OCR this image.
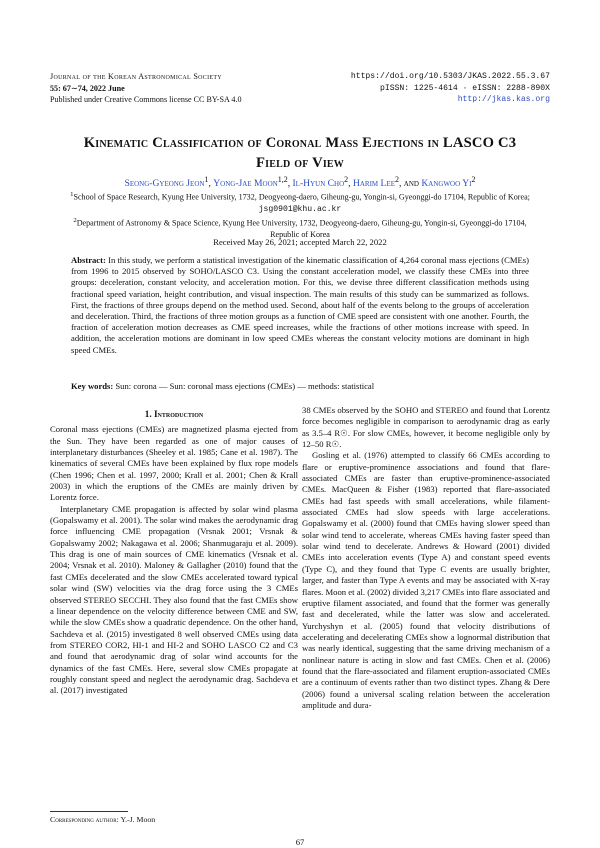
Journal of the Korean Astronomical Society
55: 67∼74, 2022 June
Published under Creative Commons license CC BY-SA 4.0
https://doi.org/10.5303/JKAS.2022.55.3.67
pISSN: 1225-4614 · eISSN: 2288-890X
http://jkas.kas.org
Kinematic Classification of Coronal Mass Ejections in LASCO C3
Field of View
Seong-Gyeong Jeon$^1$, Yong-Jae Moon$^{1,2}$, Il-Hyun Cho$^2$, Harim Lee$^2$, and Kangwoo Yi$^2$
$^1$School of Space Research, Kyung Hee University, 1732, Deogyeong-daero, Giheung-gu, Yongin-si, Gyeonggi-do 17104, Republic of Korea; jsg0901@khu.ac.kr
$^2$Department of Astronomy & Space Science, Kyung Hee University, 1732, Deogyeong-daero, Giheung-gu, Yongin-si, Gyeonggi-do 17104, Republic of Korea
Received May 26, 2021; accepted March 22, 2022
Abstract: In this study, we perform a statistical investigation of the kinematic classification of 4,264 coronal mass ejections (CMEs) from 1996 to 2015 observed by SOHO/LASCO C3. Using the constant acceleration model, we classify these CMEs into three groups: deceleration, constant velocity, and acceleration motion. For this, we devise three different classification methods using fractional speed variation, height contribution, and visual inspection. The main results of this study can be summarized as follows. First, the fractions of three groups depend on the method used. Second, about half of the events belong to the groups of acceleration and deceleration. Third, the fractions of three motion groups as a function of CME speed are consistent with one another. Fourth, the fraction of acceleration motion decreases as CME speed increases, while the fractions of other motions increase with speed. In addition, the acceleration motions are dominant in low speed CMEs whereas the constant velocity motions are dominant in high speed CMEs.
Key words: Sun: corona — Sun: coronal mass ejections (CMEs) — methods: statistical
1. Introduction

Coronal mass ejections (CMEs) are magnetized plasma ejected from the Sun. They have been regarded as one of major causes of interplanetary disturbances (Sheeley et al. 1985; Cane et al. 1987). The kinematics of several CMEs have been explained by flux rope models (Chen 1996; Chen et al. 1997, 2000; Krall et al. 2001; Chen & Krall 2003) in which the eruptions of the CMEs are mainly driven by Lorentz force.

Interplanetary CME propagation is affected by solar wind plasma (Gopalswamy et al. 2001). The solar wind makes the aerodynamic drag force influencing CME propagation (Vrsnak 2001; Vrsnak & Gopalswamy 2002; Nakagawa et al. 2006; Shanmugaraju et al. 2009). This drag is one of main sources of CME kinematics (Vrsnak et al. 2004; Vrsnak et al. 2010). Maloney & Gallagher (2010) found that the fast CMEs decelerated and the slow CMEs accelerated toward typical solar wind (SW) velocities via the drag force using the 3 CMEs observed STEREO SECCHI. They also found that the fast CMEs show a linear dependence on the velocity difference between CME and SW, while the slow CMEs show a quadratic dependence. On the other hand, Sachdeva et al. (2015) investigated 8 well observed CMEs using data from STEREO COR2, HI-1 and HI-2 and SOHO LASCO C2 and C3 and found that aerodynamic drag of solar wind accounts for the dynamics of the fast CMEs. Here, several slow CMEs propagate at roughly constant speed and neglect the aerodynamic drag. Sachdeva et al. (2017) investigated

38 CMEs observed by the SOHO and STEREO and found that Lorentz force becomes negligible in comparison to aerodynamic drag as early as 3.5–4 R☉. For slow CMEs, however, it become negligible only by 12–50 R☉.

Gosling et al. (1976) attempted to classify 66 CMEs according to flare or eruptive-prominence associations and found that flare-associated CMEs are faster than eruptive-prominence-associated CMEs. MacQueen & Fisher (1983) reported that flare-associated CMEs had fast speeds with small accelerations, while filament-associated CMEs had slow speeds with large accelerations. Gopalswamy et al. (2000) found that CMEs having slower speed than solar wind tend to accelerate, whereas CMEs having faster speed than solar wind tend to decelerate. Andrews & Howard (2001) divided CMEs into acceleration events (Type A) and constant speed events (Type C), and they found that Type C events are usually brighter, larger, and faster than Type A events and may be associated with X-ray flares. Moon et al. (2002) divided 3,217 CMEs into flare associated and eruptive filament associated, and found that the former was generally fast and decelerated, while the latter was slow and accelerated. Yurchyshyn et al. (2005) found that velocity distributions of accelerating and decelerating CMEs show a lognormal distribution that was nearly identical, suggesting that the same driving mechanism of a nonlinear nature is acting in slow and fast CMEs. Chen et al. (2006) found that the flare-associated and filament eruption-associated CMEs are a continuum of events rather than two distinct types. Zhang & Dere (2006) found a universal scaling relation between the acceleration amplitude and dura-

Corresponding author: Y.-J. Moon
67
